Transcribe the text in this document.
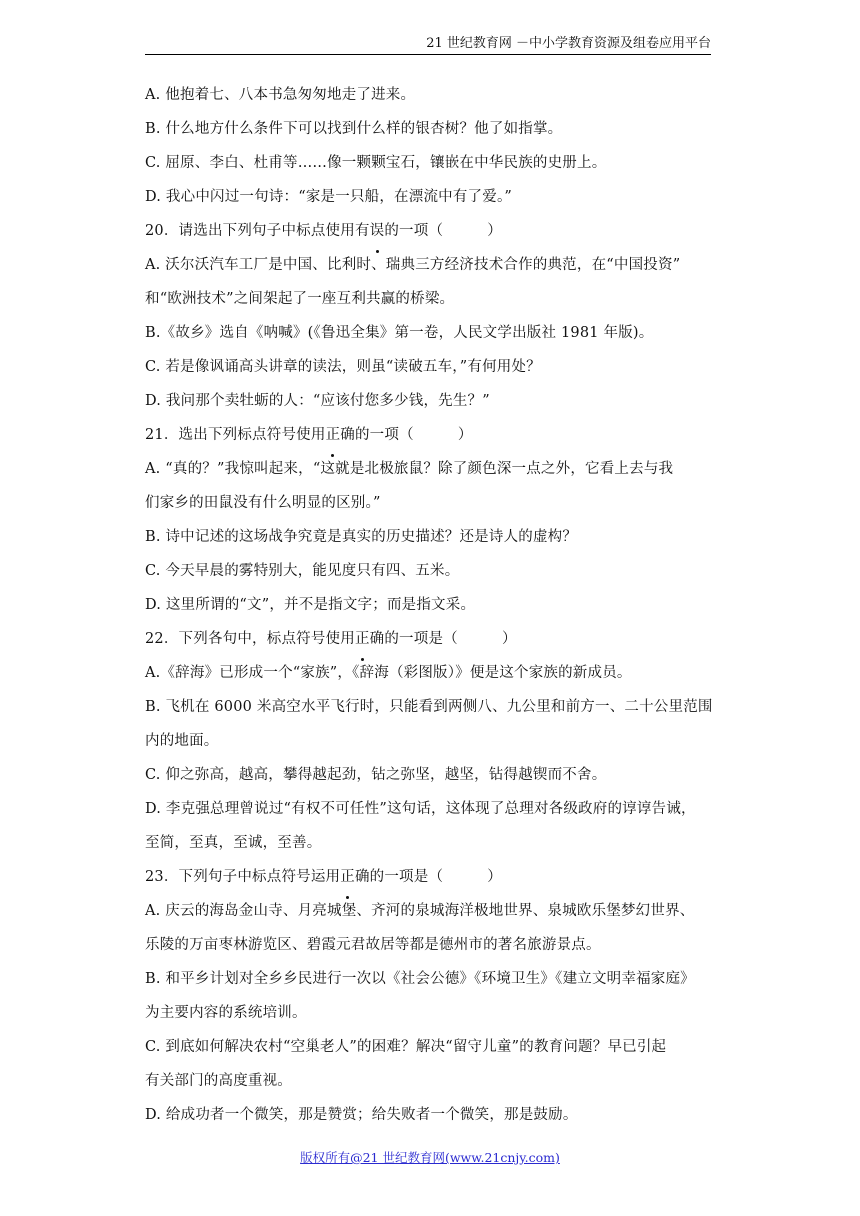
21 世纪教育网 －中小学教育资源及组卷应用平台
A. 他抱着七、八本书急匆匆地走了进来。
B. 什么地方什么条件下可以找到什么样的银杏树？他了如指掌。
C. 屈原、李白、杜甫等……像一颗颗宝石，镶嵌在中华民族的史册上。
D. 我心中闪过一句诗：“家是一只船，在漂流中有了爱。”
20．请选出下列句子中标点使用有误的一项（　　　）
A. 沃尔沃汽车工厂是中国、比利时、瑞典三方经济技术合作的典范，在“中国投资”
和“欧洲技术”之间架起了一座互利共赢的桥梁。
B.《故乡》选自《呐喊》(《鲁迅全集》第一卷，人民文学出版社 1981 年版)。
C. 若是像讽诵高头讲章的读法，则虽“读破五车，”有何用处？
D. 我问那个卖牡蛎的人：“应该付您多少钱，先生？”
21．选出下列标点符号使用正确的一项（　　　）
A. “真的？”我惊叫起来，“这就是北极旅鼠？除了颜色深一点之外，它看上去与我
们家乡的田鼠没有什么明显的区别。”
B. 诗中记述的这场战争究竟是真实的历史描述？还是诗人的虚构？
C. 今天早晨的雾特别大，能见度只有四、五米。
D. 这里所谓的“文”，并不是指文字；而是指文采。
22．下列各句中，标点符号使用正确的一项是（　　　）
A.《辞海》已形成一个“家族”，《辞海（彩图版）》便是这个家族的新成员。
B. 飞机在 6000 米高空水平飞行时，只能看到两侧八、九公里和前方一、二十公里范围
内的地面。
C. 仰之弥高，越高，攀得越起劲，钻之弥坚，越坚，钻得越锲而不舍。
D. 李克强总理曾说过“有权不可任性”这句话，这体现了总理对各级政府的谆谆告诫，
至简，至真，至诚，至善。
23．下列句子中标点符号运用正确的一项是（　　　）
A. 庆云的海岛金山寺、月亮城堡、齐河的泉城海洋极地世界、泉城欧乐堡梦幻世界、
乐陵的万亩枣林游览区、碧霞元君故居等都是德州市的著名旅游景点。
B. 和平乡计划对全乡乡民进行一次以《社会公德》《环境卫生》《建立文明幸福家庭》
为主要内容的系统培训。
C. 到底如何解决农村“空巢老人”的困难？解决“留守儿童”的教育问题？早已引起
有关部门的高度重视。
D. 给成功者一个微笑，那是赞赏；给失败者一个微笑，那是鼓励。
版权所有@21 世纪教育网(www.21cnjy.com)
